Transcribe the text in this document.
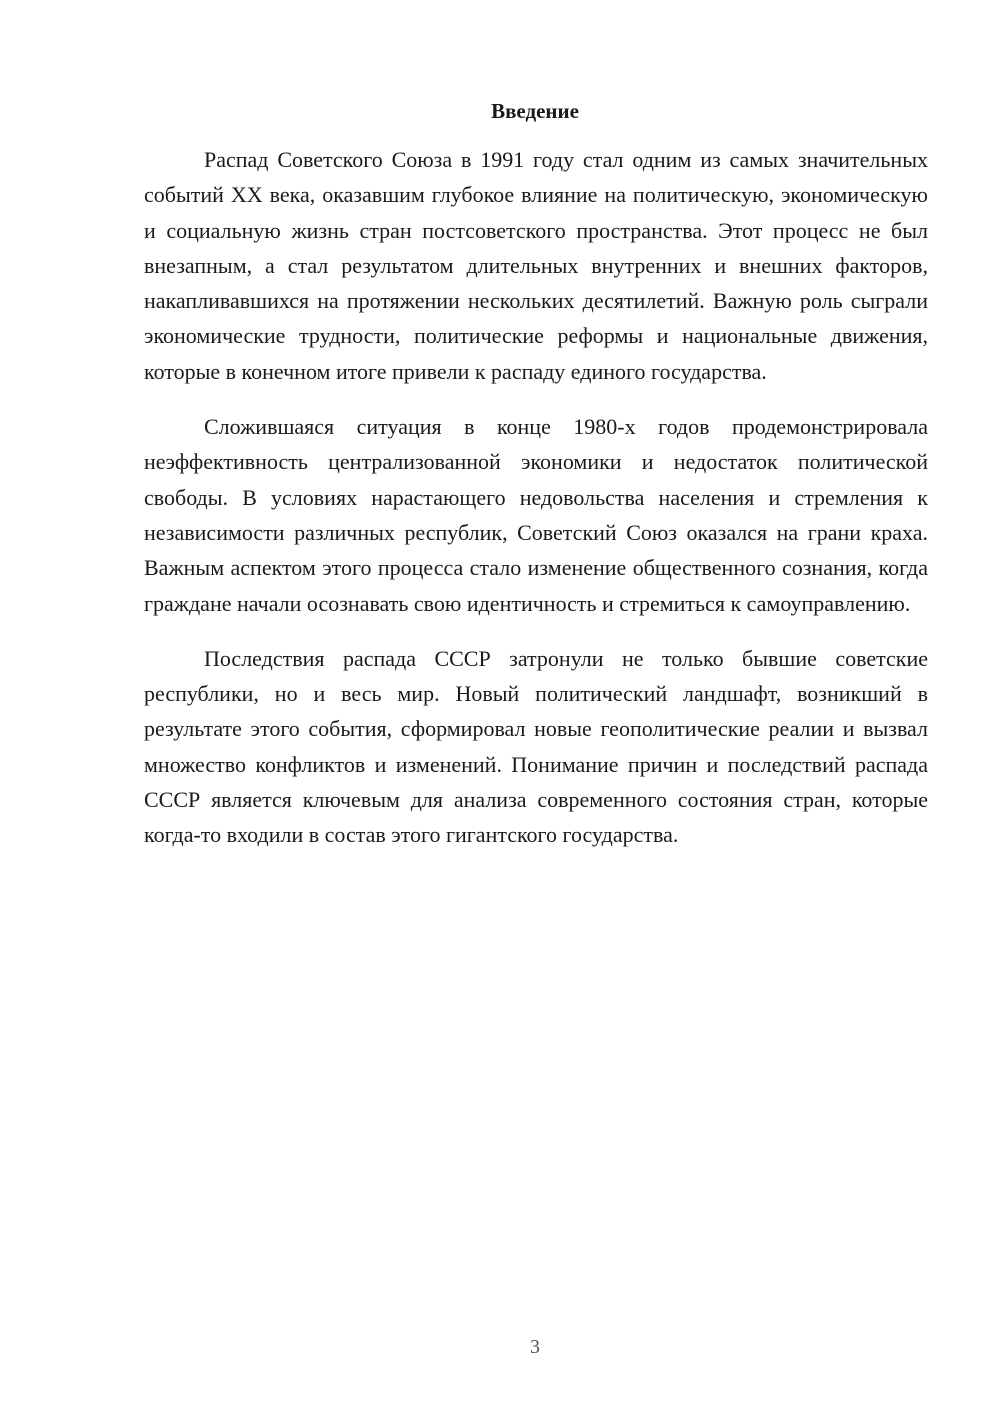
Введение

Распад Советского Союза в 1991 году стал одним из самых значительных событий XX века, оказавшим глубокое влияние на политическую, экономическую и социальную жизнь стран постсоветского пространства. Этот процесс не был внезапным, а стал результатом длительных внутренних и внешних факторов, накапливавшихся на протяжении нескольких десятилетий. Важную роль сыграли экономические трудности, политические реформы и национальные движения, которые в конечном итоге привели к распаду единого государства.

Сложившаяся ситуация в конце 1980-х годов продемонстрировала неэффективность централизованной экономики и недостаток политической свободы. В условиях нарастающего недовольства населения и стремления к независимости различных республик, Советский Союз оказался на грани краха. Важным аспектом этого процесса стало изменение общественного сознания, когда граждане начали осознавать свою идентичность и стремиться к самоуправлению.

Последствия распада СССР затронули не только бывшие советские республики, но и весь мир. Новый политический ландшафт, возникший в результате этого события, сформировал новые геополитические реалии и вызвал множество конфликтов и изменений. Понимание причин и последствий распада СССР является ключевым для анализа современного состояния стран, которые когда-то входили в состав этого гигантского государства.

3
